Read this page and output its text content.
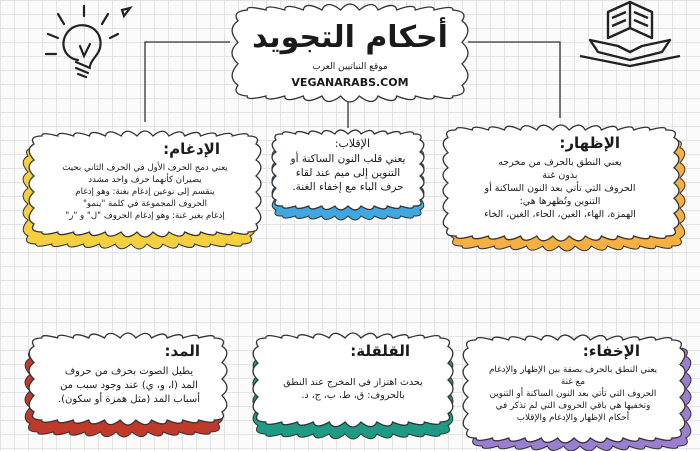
أحكام التجويد
موقع النباتيين العرب
VEGANARABS.COM
الإظهار:
يعني النطق بالحرف من مخرجه
بدون غنة
الحروف التي تأتي بعد النون الساكنة أو
التنوين وتُظهرها هي:
الهمزة، الهاء، العين، الحاء، الغين، الخاء
الإقلاب:
يعني قلب النون الساكنة أو
التنوين إلى ميم عند لقاء
حرف الباء مع إخفاء الغنة.
الإدغام:
يعني دمج الحرف الأول في الحرف الثاني بحيث
يصيران كأنهما حرف واحد مشدد
ينقسم إلى نوعين إدغام بغنة: وهو إدغام
الحروف المجموعة في كلمة "ينمو"
إدغام بغير غنة: وهو إدغام الحروف "ل" و "ر"
الإخفاء:
يعني النطق بالحرف بصفة بين الإظهار والإدغام
مع غنة
الحروف التي تأتي بعد النون الساكنة أو التنوين
وتخفيها هي باقي الحروف التي لم تذكر في
أحكام الإظهار والإدغام والإقلاب
القلقلة:
يحدث اهتزاز في المخرج عند النطق
بالحروف: ق، ط، ب، ج، د.
المد:
يطيل الصوت بحرف من حروف
المد (ا، و، ي) عند وجود سبب من
أسباب المد (مثل همزة أو سكون).
